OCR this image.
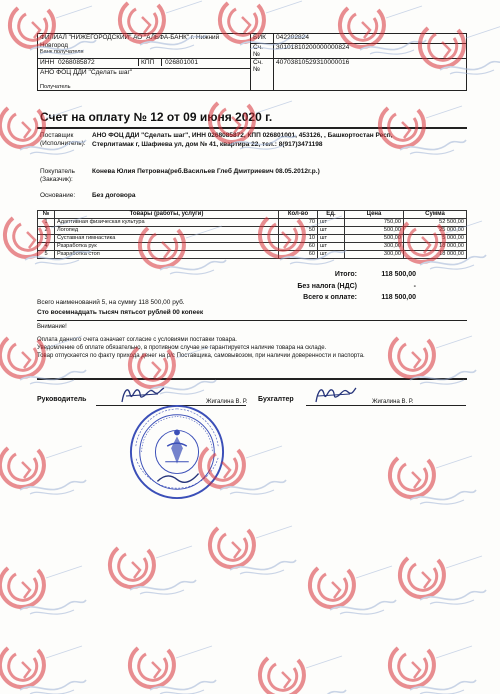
ФИЛИАЛ "НИЖЕГОРОДСКИЙ" АО "АЛЬФА-БАНК" г. Нижний Новгород	БИК	042202824
	Сч. №	30101810200000000824
Банк получателя		

ИНН 0268085872 КПП 026801001	Сч. №	40703810529310000016
АНО ФОЦ ДДИ "Сделать шаг"		
Получатель		
Счет на оплату № 12 от 09 июня 2020 г.
Поставщик (Исполнитель):
АНО ФОЦ ДДИ "Сделать шаг", ИНН 0268085872, КПП 026801001, 453126, , Башкортостан Респ, Стерлитамак г, Шафиева ул, дом № 41, квартира 22, тел.: 8(917)3471198
Покупатель (Заказчик):
Конева Юлия Петровна(реб.Васильев Глеб Дмитриевич 08.05.2012г.р.)
Основание:	Без договора
№	Товары (работы, услуги)	Кол-во	Ед.	Цена	Сумма
1	Адаптивная физическая культура	70	шт	750,00	52 500,00
2	Логопед	50	шт	500,00	25 000,00
3	Суставная гимнастика	10	шт	500,00	5 000,00
4	Разработка рук	60	шт	300,00	18 000,00
5	Разработка стоп	60	шт	300,00	18 000,00
Итого:	118 500,00
Без налога (НДС)	-
Всего к оплате:	118 500,00
Всего наименований 5, на сумму 118 500,00 руб.
Сто восемнадцать тысяч пятьсот рублей 00 копеек
Внимание!
Оплата данного счета означает согласие с условиями поставки товара.
Уведомление об оплате обязательно, в противном случае не гарантируется наличие товара на складе.
Товар отпускается по факту прихода денег на р/с Поставщика, самовывозом, при наличии доверенности и паспорта.
Руководитель	Жигалина В. Р. Бухгалтер	Жигалина В. Р.
